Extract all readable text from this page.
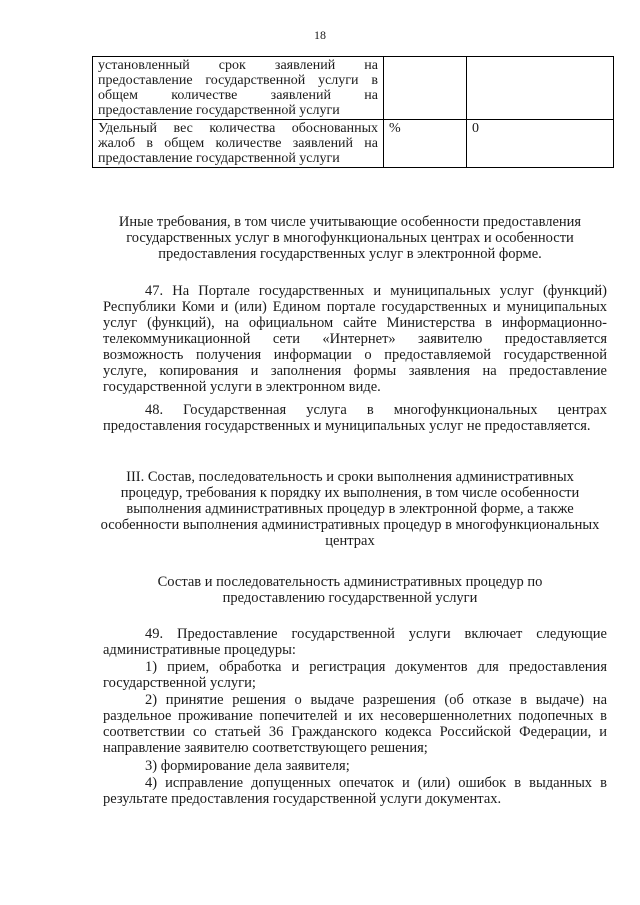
18
установленный срок заявлений на предоставление государственной услуги в общем количестве заявлений на предоставление государственной услуги		
Удельный вес количества обоснованных жалоб в общем количестве заявлений на предоставление государственной услуги	%	0
Иные требования, в том числе учитывающие особенности предоставления государственных услуг в многофункциональных центрах и особенности предоставления государственных услуг в электронной форме.
47. На Портале государственных и муниципальных услуг (функций) Республики Коми и (или) Едином портале государственных и муниципальных услуг (функций), на официальном сайте Министерства в информационно-телекоммуникационной сети «Интернет» заявителю предоставляется возможность получения информации о предоставляемой государственной услуге, копирования и заполнения формы заявления на предоставление государственной услуги в электронном виде.
48. Государственная услуга в многофункциональных центрах предоставления государственных и муниципальных услуг не предоставляется.
III. Состав, последовательность и сроки выполнения административных процедур, требования к порядку их выполнения, в том числе особенности выполнения административных процедур в электронной форме, а также особенности выполнения административных процедур в многофункциональных центрах
Состав и последовательность административных процедур по предоставлению государственной услуги
49. Предоставление государственной услуги включает следующие административные процедуры:
1) прием, обработка и регистрация документов для предоставления государственной услуги;
2) принятие решения о выдаче разрешения (об отказе в выдаче) на раздельное проживание попечителей и их несовершеннолетних подопечных в соответствии со статьей 36 Гражданского кодекса Российской Федерации, и направление заявителю соответствующего решения;
3) формирование дела заявителя;
4) исправление допущенных опечаток и (или) ошибок в выданных в результате предоставления государственной услуги документах.
